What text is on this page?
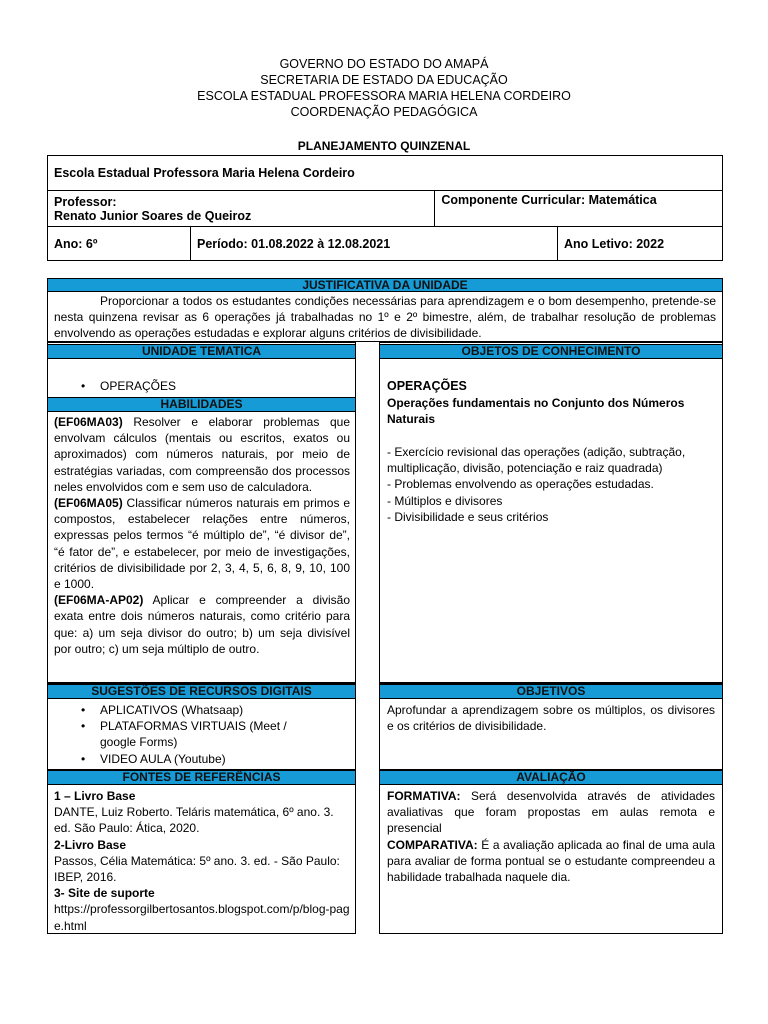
GOVERNO DO ESTADO DO AMAPÁ
SECRETARIA DE ESTADO DA EDUCAÇÃO
ESCOLA ESTADUAL PROFESSORA MARIA HELENA CORDEIRO
COORDENAÇÃO PEDAGÓGICA
PLANEJAMENTO QUINZENAL
Escola Estadual Professora Maria Helena Cordeiro		

Professor:
Renato Junior Soares de Queiroz		Componente Curricular: Matemática
Ano: 6º	Período: 01.08.2022 à 12.08.2021 Ano Letivo: 2022	
JUSTIFICATIVA DA UNIDADE
Proporcionar a todos os estudantes condições necessárias para aprendizagem e o bom desempenho, pretende-se nesta quinzena revisar as 6 operações já trabalhadas no 1º e 2º bimestre, além, de trabalhar resolução de problemas envolvendo as operações estudadas e explorar alguns critérios de divisibilidade.
UNIDADE TEMATICA
• OPERAÇÕES
HABILIDADES

(EF06MA03) Resolver e elaborar problemas que envolvam cálculos (mentais ou escritos, exatos ou aproximados) com números naturais, por meio de estratégias variadas, com compreensão dos processos neles envolvidos com e sem uso de calculadora.

(EF06MA05) Classificar números naturais em primos e compostos, estabelecer relações entre números, expressas pelos termos “é múltiplo de”, “é divisor de”, “é fator de”, e estabelecer, por meio de investigações, critérios de divisibilidade por 2, 3, 4, 5, 6, 8, 9, 10, 100 e 1000.

(EF06MA-AP02) Aplicar e compreender a divisão exata entre dois números naturais, como critério para que: a) um seja divisor do outro; b) um seja divisível por outro; c) um seja múltiplo de outro.

OBJETOS DE CONHECIMENTO
OPERAÇÕES
Operações fundamentais no Conjunto dos Números Naturais

- Exercício revisional das operações (adição, subtração, multiplicação, divisão, potenciação e raiz quadrada)

- Problemas envolvendo as operações estudadas.

- Múltiplos e divisores

- Divisibilidade e seus critérios

SUGESTÕES DE RECURSOS DIGITAIS
• APLICATIVOS (Whatsaap)
• PLATAFORMAS VIRTUAIS (Meet / google Forms)
• VIDEO AULA (Youtube)
OBJETIVOS
Aprofundar a aprendizagem sobre os múltiplos, os divisores e os critérios de divisibilidade.
FONTES DE REFERÊNCIAS

1 – Livro Base

DANTE, Luiz Roberto. Teláris matemática, 6º ano. 3. ed. São Paulo: Ática, 2020.

2-Livro Base

Passos, Célia Matemática: 5º ano. 3. ed. - São Paulo: IBEP, 2016.

3- Site de suporte

https://professorgilbertosantos.blogspot.com/p/blog-page.html

AVALIAÇÃO

FORMATIVA: Será desenvolvida através de atividades avaliativas que foram propostas em aulas remota e presencial

COMPARATIVA: É a avaliação aplicada ao final de uma aula para avaliar de forma pontual se o estudante compreendeu a habilidade trabalhada naquele dia.
